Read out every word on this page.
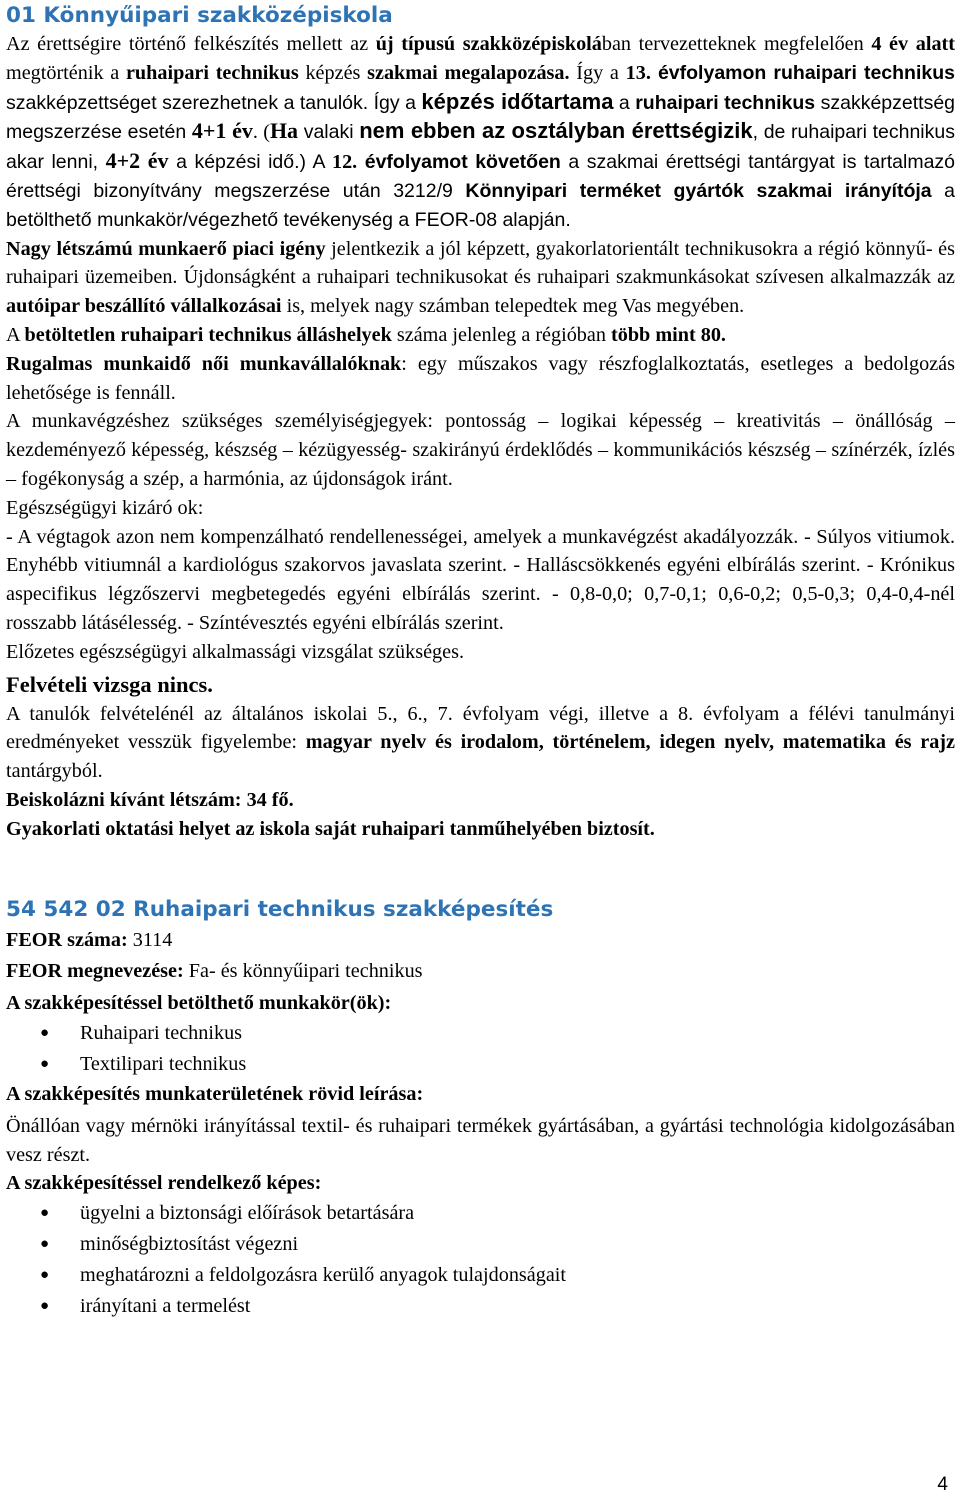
01 Könnyűipari szakközépiskola

Az érettségire történő felkészítés mellett az új típusú szakközépiskolában tervezetteknek megfelelően 4 év alatt megtörténik a ruhaipari technikus képzés szakmai megalapozása. Így a 13. évfolyamon ruhaipari technikus szakképzettséget szerezhetnek a tanulók. Így a képzés időtartama a ruhaipari technikus szakképzettség megszerzése esetén 4+1 év. (Ha valaki nem ebben az osztályban érettségizik, de ruhaipari technikus akar lenni, 4+2 év a képzési idő.) A 12. évfolyamot követően a szakmai érettségi tantárgyat is tartalmazó érettségi bizonyítvány megszerzése után 3212/9 Könnyipari terméket gyártók szakmai irányítója a betölthető munkakör/végezhető tevékenység a FEOR-08 alapján.

Nagy létszámú munkaerő piaci igény jelentkezik a jól képzett, gyakorlatorientált technikusokra a régió könnyű- és ruhaipari üzemeiben. Újdonságként a ruhaipari technikusokat és ruhaipari szakmunkásokat szívesen alkalmazzák az autóipar beszállító vállalkozásai is, melyek nagy számban telepedtek meg Vas megyében.

A betöltetlen ruhaipari technikus álláshelyek száma jelenleg a régióban több mint 80.

Rugalmas munkaidő női munkavállalóknak: egy műszakos vagy részfoglalkoztatás, esetleges a bedolgozás lehetősége is fennáll.

A munkavégzéshez szükséges személyiségjegyek: pontosság – logikai képesség – kreativitás – önállóság – kezdeményező képesség, készség – kézügyesség- szakirányú érdeklődés – kommunikációs készség – színérzék, ízlés – fogékonyság a szép, a harmónia, az újdonságok iránt.

Egészségügyi kizáró ok:

- A végtagok azon nem kompenzálható rendellenességei, amelyek a munkavégzést akadályozzák. - Súlyos vitiumok. Enyhébb vitiumnál a kardiológus szakorvos javaslata szerint. - Halláscsökkenés egyéni elbírálás szerint. - Krónikus aspecifikus légzőszervi megbetegedés egyéni elbírálás szerint. - 0,8-0,0; 0,7-0,1; 0,6-0,2; 0,5-0,3; 0,4-0,4-nél rosszabb látásélesség. - Színtévesztés egyéni elbírálás szerint.

Előzetes egészségügyi alkalmassági vizsgálat szükséges.

Felvételi vizsga nincs.

A tanulók felvételénél az általános iskolai 5., 6., 7. évfolyam végi, illetve a 8. évfolyam a félévi tanulmányi eredményeket vesszük figyelembe: magyar nyelv és irodalom, történelem, idegen nyelv, matematika és rajz tantárgyból.

Beiskolázni kívánt létszám: 34 fő.

Gyakorlati oktatási helyet az iskola saját ruhaipari tanműhelyében biztosít.

54 542 02 Ruhaipari technikus szakképesítés

FEOR száma: 3114

FEOR megnevezése: Fa‐ és könnyűipari technikus

A szakképesítéssel betölthető munkakör(ök):

● Ruhaipari technikus
● Textilipari technikus

A szakképesítés munkaterületének rövid leírása:

Önállóan vagy mérnöki irányítással textil‐ és ruhaipari termékek gyártásában, a gyártási technológia kidolgozásában vesz részt.

A szakképesítéssel rendelkező képes:

● ügyelni a biztonsági előírások betartására
● minőségbiztosítást végezni
● meghatározni a feldolgozásra kerülő anyagok tulajdonságait
● irányítani a termelést
4
